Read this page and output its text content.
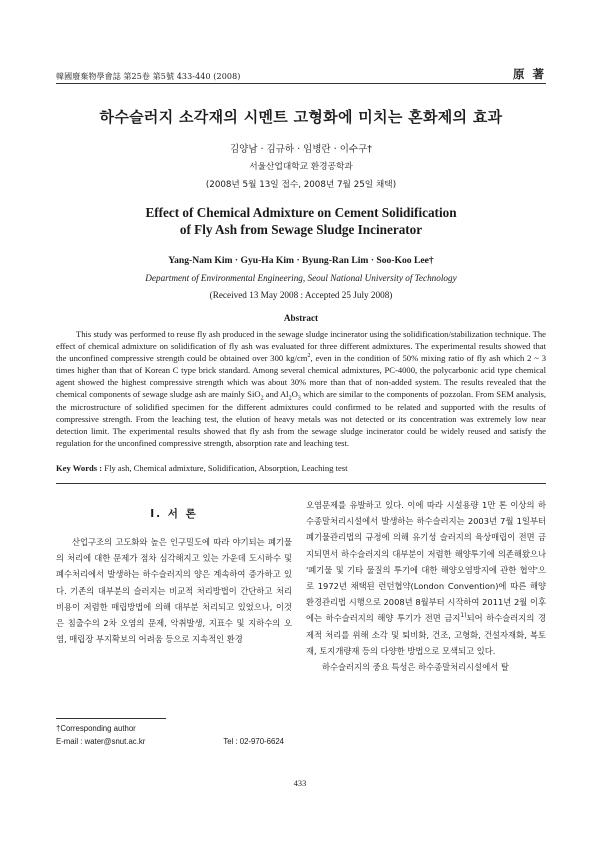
韓國廢棄物學會誌 第25卷 第5號 433-440 (2008)	原 著
하수슬러지 소각재의 시멘트 고형화에 미치는 혼화제의 효과
김양남 · 김규하 · 임병란 · 이수구†
서울산업대학교 환경공학과
(2008년 5월 13일 접수, 2008년 7월 25일 채택)
Effect of Chemical Admixture on Cement Solidification
of Fly Ash from Sewage Sludge Incinerator
Yang-Nam Kim · Gyu-Ha Kim · Byung-Ran Lim · Soo-Koo Lee†
Department of Environmental Engineering, Seoul National University of Technology
(Received 13 May 2008 : Accepted 25 July 2008)
Abstract
This study was performed to reuse fly ash produced in the sewage sludge incinerator using the solidification/stabilization technique. The effect of chemical admixture on solidification of fly ash was evaluated for three different admixtures. The experimental results showed that the unconfined compressive strength could be obtained over 300 $kg/cm^2$, even in the condition of 50% mixing ratio of fly ash which 2 ~ 3 times higher than that of Korean C type brick standard. Among several chemical admixtures, PC-4000, the polycarbonic acid type chemical agent showed the highest compressive strength which was about 30% more than that of non-added system. The results revealed that the chemical components of sewage sludge ash are mainly SiO$_2$ and $Al_2O_3$ which are similar to the components of pozzolan. From SEM analysis, the microstructure of solidified specimen for the different admixtures could confirmed to be related and supported with the results of compressive strength. From the leaching test, the elution of heavy metals was not detected or its concentration was extremely low near detection limit. The experimental results showed that fly ash from the sewage sludge incinerator could be widely reused and satisfy the regulation for the unconfined compressive strength, absorption rate and leaching test.
Key Words : Fly ash, Chemical admixture, Solidification, Absorption, Leaching test
I. 서 론
산업구조의 고도화와 높은 인구밀도에 따라 야기되는 폐기물의 처리에 대한 문제가 점차 심각해지고 있는 가운데 도시하수 및 폐수처리에서 발생하는 하수슬러지의 양은 계속하여 증가하고 있다. 기존의 대부분의 슬러지는 비교적 처리방법이 간단하고 처리비용이 저렴한 매립방법에 의해 대부분 처리되고 있었으나, 이것은 침출수의 2차 오염의 문제, 악취발생, 지표수 및 지하수의 오염, 매립장 부지확보의 어려움 등으로 지속적인 환경

오염문제를 유발하고 있다. 이에 따라 시설용량 1만 톤 이상의 하수종말처리시설에서 발생하는 하수슬러지는 2003년 7월 1일부터 폐기물관리법의 규정에 의해 유기성 슬러지의 육상매립이 전면 금지되면서 하수슬러지의 대부분이 저렴한 해양투기에 의존해왔으나 '폐기물 및 기타 물질의 투기에 대한 해양오염방지에 관한 협약'으로 1972년 채택된 런던협약(London Convention)에 따른 해양환경관리법 시행으로 2008년 8월부터 시작하여 2011년 2월 이후에는 하수슬러지의 해양 투기가 전면 금지$^{1)}$되어 하수슬러지의 경제적 처리를 위해 소각 및 퇴비화, 건조, 고형화, 건설자재화, 복토재, 토지개량재 등의 다양한 방법으로 모색되고 있다.

하수슬러지의 중요 특성은 하수종말처리시설에서 탈

†Corresponding author
E-mail : water@snut.ac.kr	Tel : 02-970-6624
433
